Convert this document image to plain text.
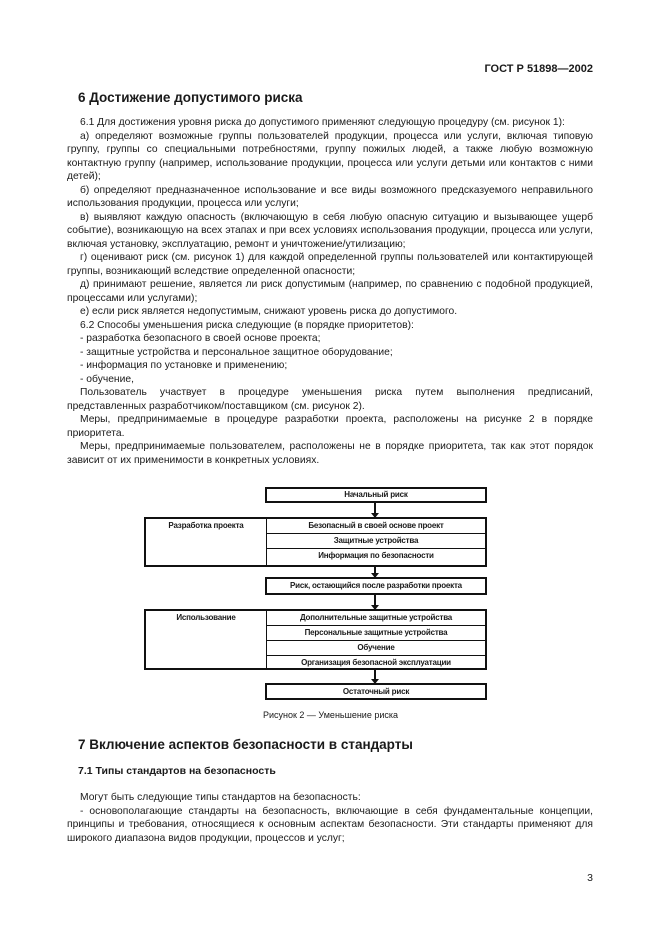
ГОСТ Р 51898—2002
6 Достижение допустимого риска

6.1 Для достижения уровня риска до допустимого применяют следующую процедуру (см. рисунок 1):

а) определяют возможные группы пользователей продукции, процесса или услуги, включая типовую группу, группы со специальными потребностями, группу пожилых людей, а также любую возможную контактную группу (например, использование продукции, процесса или услуги детьми или контактов с ними детей);

б) определяют предназначенное использование и все виды возможного предсказуемого неправильного использования продукции, процесса или услуги;

в) выявляют каждую опасность (включающую в себя любую опасную ситуацию и вызывающее ущерб событие), возникающую на всех этапах и при всех условиях использования продукции, процесса или услуги, включая установку, эксплуатацию, ремонт и уничтожение/утилизацию;

г) оценивают риск (см. рисунок 1) для каждой определенной группы пользователей или контактирующей группы, возникающий вследствие определенной опасности;

д) принимают решение, является ли риск допустимым (например, по сравнению с подобной продукцией, процессами или услугами);

е) если риск является недопустимым, снижают уровень риска до допустимого.

6.2 Способы уменьшения риска следующие (в порядке приоритетов):

- разработка безопасного в своей основе проекта;

- защитные устройства и персональное защитное оборудование;

- информация по установке и применению;

- обучение,

Пользователь участвует в процедуре уменьшения риска путем выполнения предписаний, представленных разработчиком/поставщиком (см. рисунок 2).

Меры, предпринимаемые в процедуре разработки проекта, расположены на рисунке 2 в порядке приоритета.

Меры, предпринимаемые пользователем, расположены не в порядке приоритета, так как этот порядок зависит от их применимости в конкретных условиях.

Начальный риск
Разработка проекта	Безопасный в своей основе проект
Защитные устройства
Информация по безопасности
Риск, остающийся после разработки проекта
Использование	Дополнительные защитные устройства
Персональные защитные устройства
Обучение
Организация безопасной эксплуатации
Остаточный риск
Рисунок 2 — Уменьшение риска
7 Включение аспектов безопасности в стандарты
7.1 Типы стандартов на безопасность

Могут быть следующие типы стандартов на безопасность:

- основополагающие стандарты на безопасность, включающие в себя фундаментальные концепции, принципы и требования, относящиеся к основным аспектам безопасности. Эти стандарты применяют для широкого диапазона видов продукции, процессов и услуг;

3
